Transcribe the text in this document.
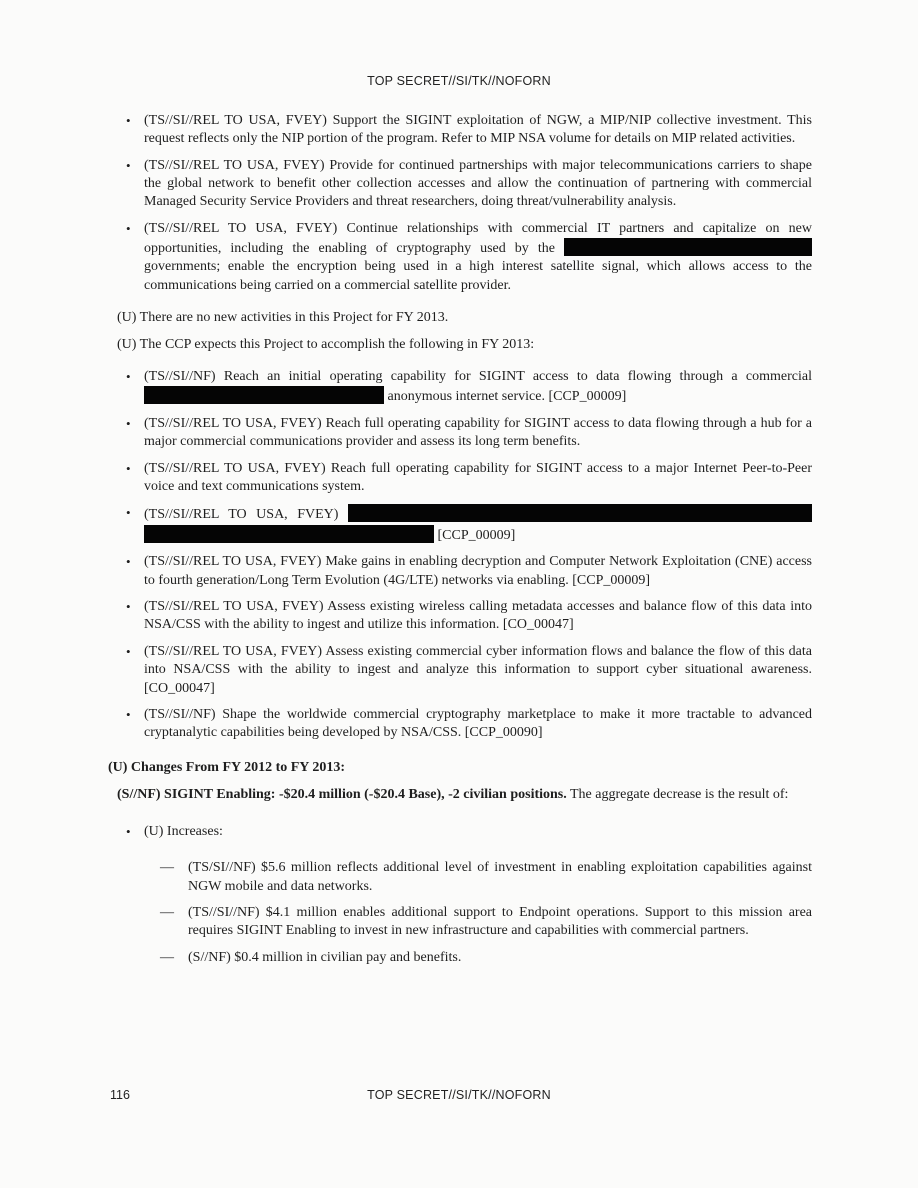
TOP SECRET//SI/TK//NOFORN
• (TS//SI//REL TO USA, FVEY) Support the SIGINT exploitation of NGW, a MIP/NIP collective investment. This request reflects only the NIP portion of the program. Refer to MIP NSA volume for details on MIP related activities.
• (TS//SI//REL TO USA, FVEY) Provide for continued partnerships with major telecommunications carriers to shape the global network to benefit other collection accesses and allow the continuation of partnering with commercial Managed Security Service Providers and threat researchers, doing threat/vulnerability analysis.
• (TS//SI//REL TO USA, FVEY) Continue relationships with commercial IT partners and capitalize on new opportunities, including the enabling of cryptography used by the  governments; enable the encryption being used in a high interest satellite signal, which allows access to the communications being carried on a commercial satellite provider.
(U) There are no new activities in this Project for FY 2013.
(U) The CCP expects this Project to accomplish the following in FY 2013:
• (TS//SI//NF) Reach an initial operating capability for SIGINT access to data flowing through a commercial  anonymous internet service. [CCP_00009]
• (TS//SI//REL TO USA, FVEY) Reach full operating capability for SIGINT access to data flowing through a hub for a major commercial communications provider and assess its long term benefits.
• (TS//SI//REL TO USA, FVEY) Reach full operating capability for SIGINT access to a major Internet Peer-to-Peer voice and text communications system.
• (TS//SI//REL TO USA, FVEY)   [CCP_00009]
• (TS//SI//REL TO USA, FVEY) Make gains in enabling decryption and Computer Network Exploitation (CNE) access to fourth generation/Long Term Evolution (4G/LTE) networks via enabling. [CCP_00009]
• (TS//SI//REL TO USA, FVEY) Assess existing wireless calling metadata accesses and balance flow of this data into NSA/CSS with the ability to ingest and utilize this information. [CO_00047]
• (TS//SI//REL TO USA, FVEY) Assess existing commercial cyber information flows and balance the flow of this data into NSA/CSS with the ability to ingest and analyze this information to support cyber situational awareness. [CO_00047]
• (TS//SI//NF) Shape the worldwide commercial cryptography marketplace to make it more tractable to advanced cryptanalytic capabilities being developed by NSA/CSS. [CCP_00090]
(U) Changes From FY 2012 to FY 2013:
(S//NF) SIGINT Enabling: -$20.4 million (-$20.4 Base), -2 civilian positions. The aggregate decrease is the result of:
• (U) Increases:
— (TS/SI//NF) $5.6 million reflects additional level of investment in enabling exploitation capabilities against NGW mobile and data networks.
— (TS//SI//NF) $4.1 million enables additional support to Endpoint operations. Support to this mission area requires SIGINT Enabling to invest in new infrastructure and capabilities with commercial partners.
— (S//NF) $0.4 million in civilian pay and benefits.
116	TOP SECRET//SI/TK//NOFORN
